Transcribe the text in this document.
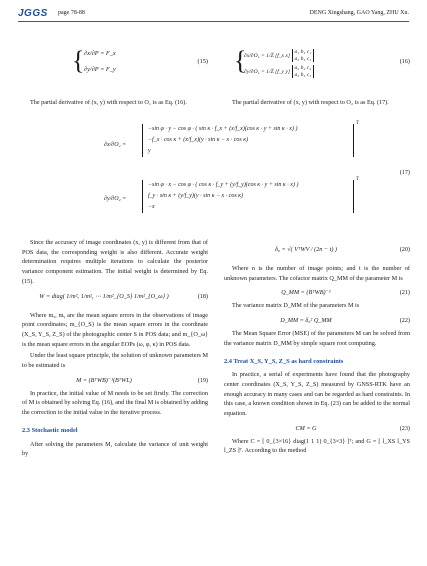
JGGS page 78-88	DENG Xingshang, GAO Yang, ZHU Xu.
{ ∂x/∂P = F_x
∂y/∂P = F_y
(15) {
∂x/∂O₁ = 1/Z̄ [f_x x] a₁ b₁ c₁
a₃ b₃ c₃
∂y/∂O₁ = 1/Z̄ [f_y y] a₂ b₂ c₂
a₃ b₃ c₃
(16)

The partial derivative of (x, y) with respect to O₁ is as Eq. (16).	The partial derivative of (x, y) with respect to O₂ is as Eq. (17).

∂x/∂O₂ =
−sin φ · y − cos φ · ( sin κ · f_x + (x/f_x)(cos κ · y + sin κ · x) )
−f_x · cos κ + (x/f_x)(y · sin κ − x · cos κ)
y
T
(17)
∂y/∂O₂ =
−sin φ · x − cos φ · ( cos κ · f_y + (y/f_y)(cos κ · y + sin κ · x) )
f_y · sin κ + (y/f_y)(y · sin κ − x · cos κ)
−x
T

Since the accuracy of image coordinates (x, y) is different from that of POS data, the corresponding weight is also different. Accurate weight determination requires multiple iterations to calculate the posterior variance component estimation. The initial weight is determined by Eq. (15).

W = diag( 1/m²ₓ 1/m²ᵧ ⋯ 1/m²_{O_S} 1/m²_{O_ω} )	(18)

Where mₓ, mᵧ are the mean square errors in the observations of image point coordinates; m_{O_S} is the mean square errors in the coordinate (X_S, Y_S, Z_S) of the photographic center S in POS data; and m_{O_ω} is the mean square errors in the angular EOPs (ω, φ, κ) in POS data.

Under the least square principle, the solution of unknown parameters M to be estimated is

M = (BᵀWB)⁻¹(BᵀWL)	(19)

In practice, the initial value of M needs to be set firstly. The correction of M is obtained by solving Eq. (16), and the final M is obtained by adding the correction to the initial value in the iterative process.

2.3 Stochastic model

After solving the parameters M, calculate the variance of unit weight by

δ₀ = √( VᵀWV / (2n − t) )	(20)

Where n is the number of image points; and t is the number of unknown parameters. The cofactor matrix Q_MM of the parameter M is

Q_MM = (BᵀWB)⁻¹	(21)

The variance matrix D_MM of the parameters M is

D_MM = δ₀² Q_MM	(22)

The Mean Square Error (MSE) of the parameters M can be solved from the variance matrix D_MM by simple square root computing.

2.4 Treat X_S, Y_S, Z_S as hard constraints

In practice, a serial of experiments have found that the photography center coordinates (X_S, Y_S, Z_S) measured by GNSS-RTK have an enough accuracy in many cases and can be regarded as hard constraints. In this case, a known condition shown in Eq. (23) can be added to the normal equation.

CM = G	(23)

Where C = [ 0_{3×16} diag(1 1 1) 0_{3×3} ]ᵀ; and G = [ l_XS l_YS l_ZS ]ᵀ. According to the method
